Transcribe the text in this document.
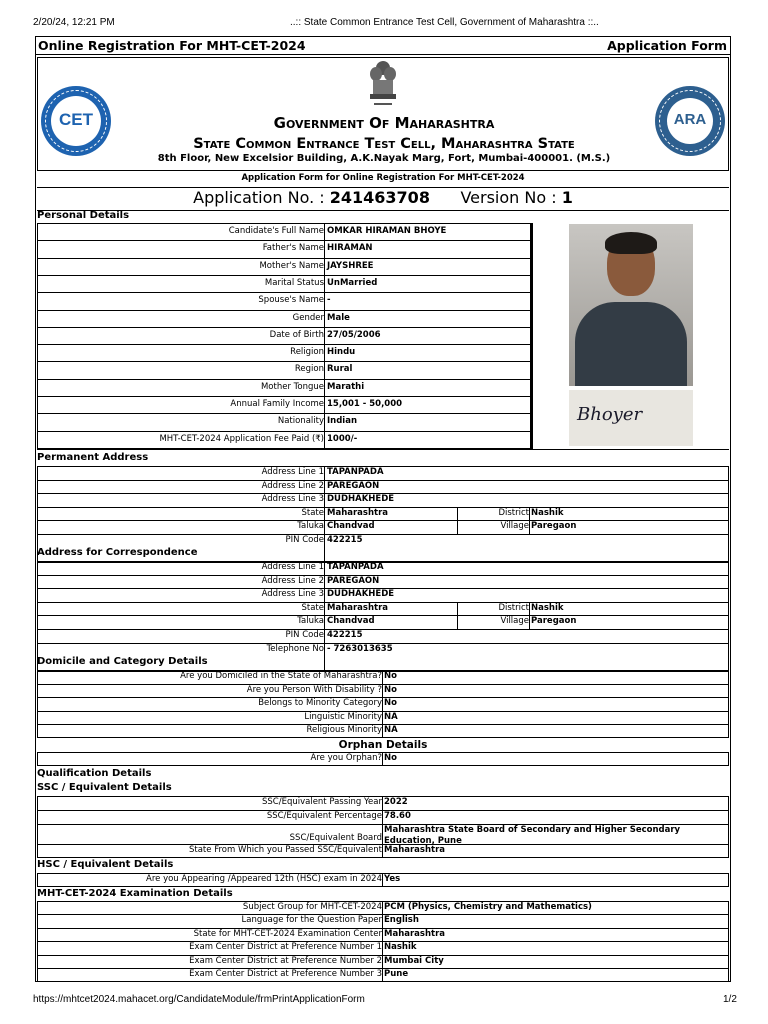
2/20/24, 12:21 PM	..:: State Common Entrance Test Cell, Government of Maharashtra ::..
Online Registration For MHT-CET-2024	Application Form
CET	Government Of Maharashtra
State Common Entrance Test Cell, Maharashtra State
8th Floor, New Excelsior Building, A.K.Nayak Marg, Fort, Mumbai-400001. (M.S.)
ARA
Application Form for Online Registration For MHT-CET-2024
Application No. : 241463708 Version No : 1
Personal Details
Candidate's Full Name OMKAR HIRAMAN BHOYE
Father's Name HIRAMAN
Mother's Name JAYSHREE
Marital Status UnMarried
Spouse's Name -
Gender Male
Date of Birth 27/05/2006
Religion Hindu
Region Rural
Mother Tongue Marathi
Annual Family Income 15,001 - 50,000
Nationality Indian
MHT-CET-2024 Application Fee Paid (₹) 1000/-
Permanent Address
Address Line 1 TAPANPADA
Address Line 2 PAREGAON
Address Line 3 DUDHAKHEDE
State Maharashtra	District Nashik
Taluka Chandvad	Village Paregaon
PIN Code 422215
Address for Correspondence
Address Line 1 TAPANPADA
Address Line 2 PAREGAON
Address Line 3 DUDHAKHEDE
State Maharashtra	District Nashik
Taluka Chandvad	Village Paregaon
PIN Code 422215
Telephone No - 7263013635
Domicile and Category Details
Are you Domiciled in the State of Maharashtra? No
Are you Person With Disability ? No
Belongs to Minority Category No
Linguistic Minority NA
Religious Minority NA
Orphan Details
Are you Orphan? No
Qualification Details
SSC / Equivalent Details
SSC/Equivalent Passing Year 2022
SSC/Equivalent Percentage 78.60
SSC/Equivalent Board
Maharashtra State Board of Secondary and Higher Secondary
Education, Pune
State From Which you Passed SSC/Equivalent Maharashtra
HSC / Equivalent Details
Are you Appearing /Appeared 12th (HSC) exam in 2024 Yes
MHT-CET-2024 Examination Details
Subject Group for MHT-CET-2024 PCM (Physics, Chemistry and Mathematics)
Language for the Question Paper English
State for MHT-CET-2024 Examination Center Maharashtra
Exam Center District at Preference Number 1 Nashik
Exam Center District at Preference Number 2 Mumbai City
Exam Center District at Preference Number 3 Pune
Bhoyer
https://mhtcet2024.mahacet.org/CandidateModule/frmPrintApplicationForm	1/2
